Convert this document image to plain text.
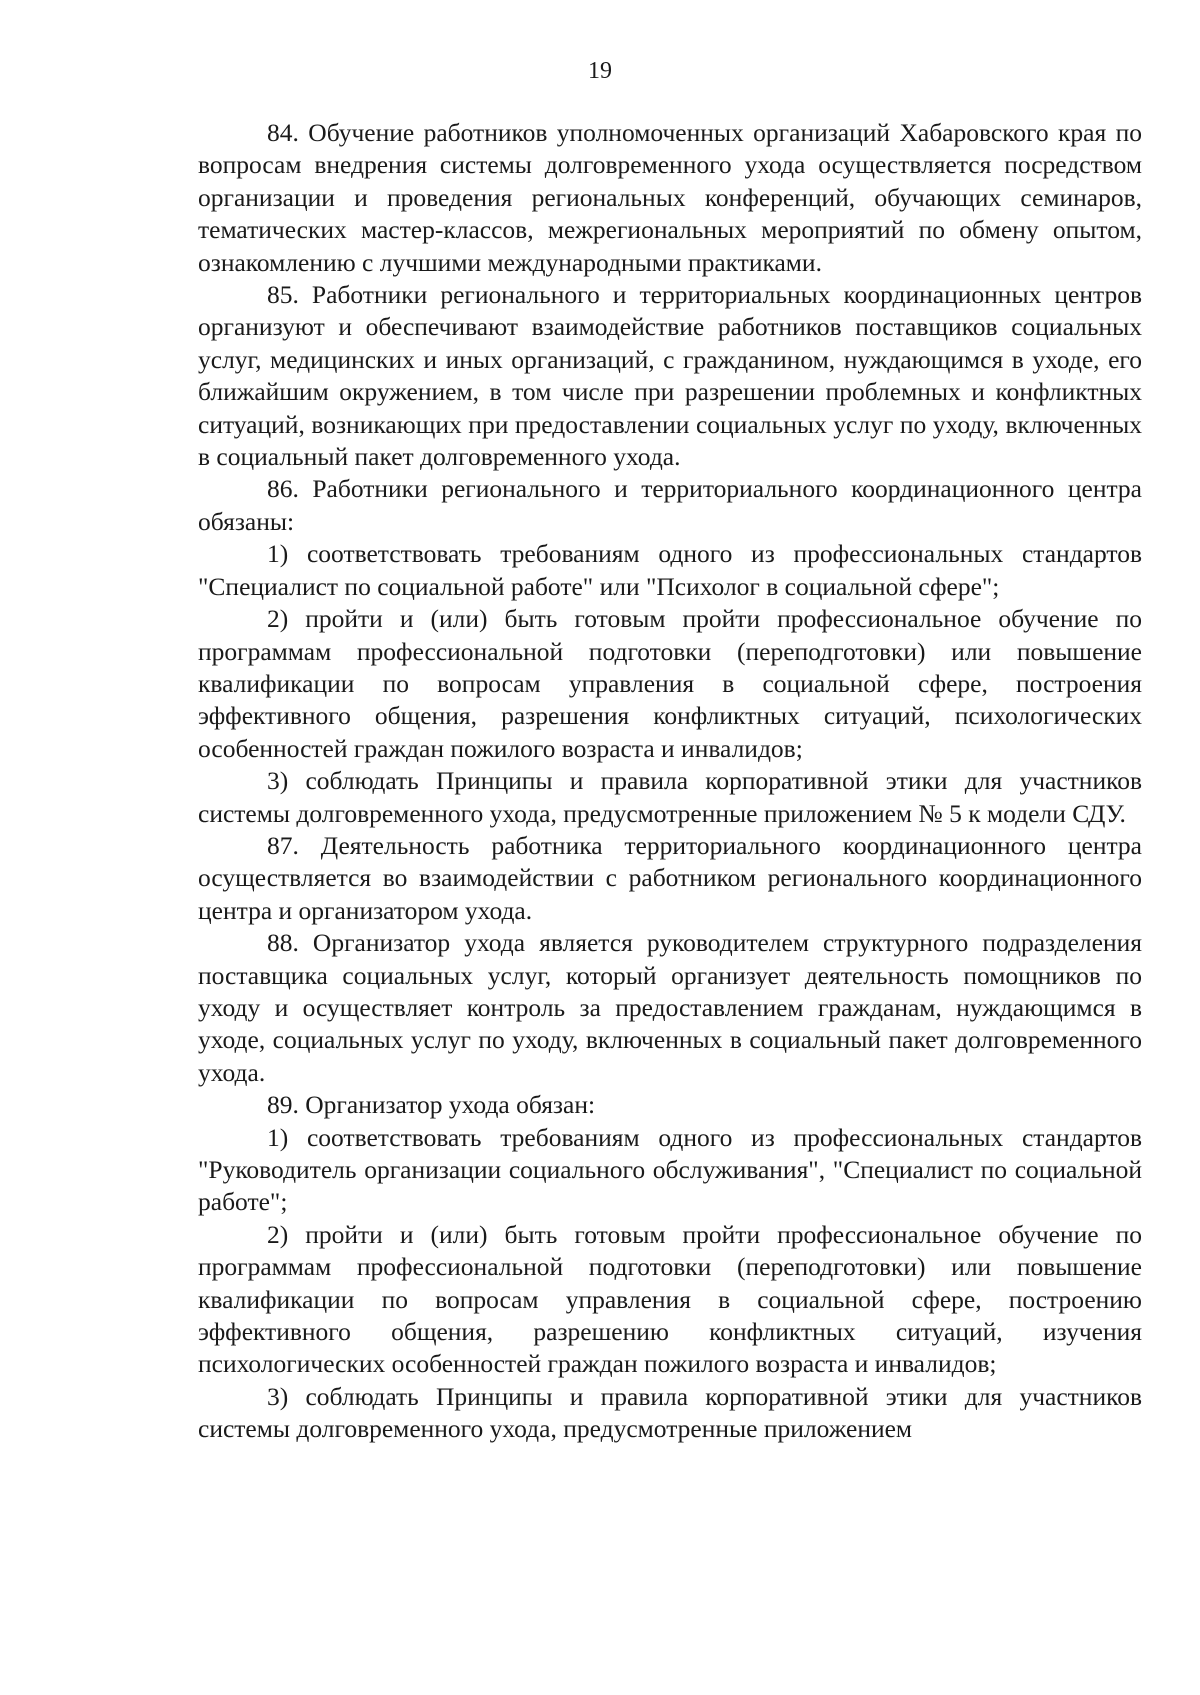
19

84. Обучение работников уполномоченных организаций Хабаровского края по вопросам внедрения системы долговременного ухода осуществляется посредством организации и проведения региональных конференций, обучающих семинаров, тематических мастер-классов, межрегиональных мероприятий по обмену опытом, ознакомлению с лучшими международными практиками.

85. Работники регионального и территориальных координационных центров организуют и обеспечивают взаимодействие работников поставщиков социальных услуг, медицинских и иных организаций, с гражданином, нуждающимся в уходе, его ближайшим окружением, в том числе при разрешении проблемных и конфликтных ситуаций, возникающих при предоставлении социальных услуг по уходу, включенных в социальный пакет долговременного ухода.

86. Работники регионального и территориального координационного центра обязаны:

1) соответствовать требованиям одного из профессиональных стандартов "Специалист по социальной работе" или "Психолог в социальной сфере";

2) пройти и (или) быть готовым пройти профессиональное обучение по программам профессиональной подготовки (переподготовки) или повышение квалификации по вопросам управления в социальной сфере, построения эффективного общения, разрешения конфликтных ситуаций, психологических особенностей граждан пожилого возраста и инвалидов;

3) соблюдать Принципы и правила корпоративной этики для участников системы долговременного ухода, предусмотренные приложением № 5 к модели СДУ.

87. Деятельность работника территориального координационного центра осуществляется во взаимодействии с работником регионального координационного центра и организатором ухода.

88. Организатор ухода является руководителем структурного подразделения поставщика социальных услуг, который организует деятельность помощников по уходу и осуществляет контроль за предоставлением гражданам, нуждающимся в уходе, социальных услуг по уходу, включенных в социальный пакет долговременного ухода.

89. Организатор ухода обязан:

1) соответствовать требованиям одного из профессиональных стандартов "Руководитель организации социального обслуживания", "Специалист по социальной работе";

2) пройти и (или) быть готовым пройти профессиональное обучение по программам профессиональной подготовки (переподготовки) или повышение квалификации по вопросам управления в социальной сфере, построению эффективного общения, разрешению конфликтных ситуаций, изучения психологических особенностей граждан пожилого возраста и инвалидов;

3) соблюдать Принципы и правила корпоративной этики для участников системы долговременного ухода, предусмотренные приложением
